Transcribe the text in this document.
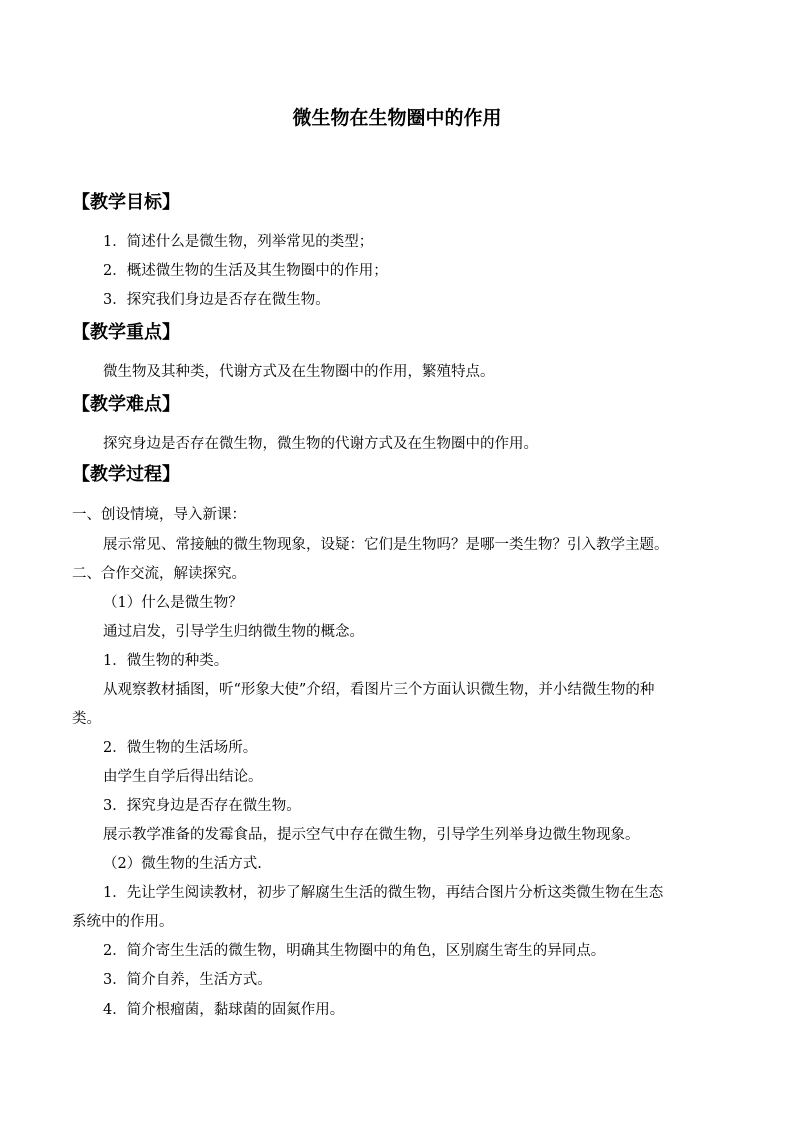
微生物在生物圈中的作用
【教学目标】
1．简述什么是微生物，列举常见的类型；
2．概述微生物的生活及其生物圈中的作用；
3．探究我们身边是否存在微生物。
【教学重点】
微生物及其种类，代谢方式及在生物圈中的作用，繁殖特点。
【教学难点】
探究身边是否存在微生物，微生物的代谢方式及在生物圈中的作用。
【教学过程】
一、创设情境，导入新课：
展示常见、常接触的微生物现象，设疑：它们是生物吗？是哪一类生物？引入教学主题。
二、合作交流，解读探究。
（1）什么是微生物？
通过启发，引导学生归纳微生物的概念。
1．微生物的种类。
从观察教材插图，听“形象大使”介绍，看图片三个方面认识微生物，并小结微生物的种
类。
2．微生物的生活场所。
由学生自学后得出结论。
3．探究身边是否存在微生物。
展示教学准备的发霉食品，提示空气中存在微生物，引导学生列举身边微生物现象。
（2）微生物的生活方式.
1．先让学生阅读教材，初步了解腐生生活的微生物，再结合图片分析这类微生物在生态
系统中的作用。
2．简介寄生生活的微生物，明确其生物圈中的角色，区别腐生寄生的异同点。
3．简介自养，生活方式。
4．简介根瘤菌，黏球菌的固氮作用。
